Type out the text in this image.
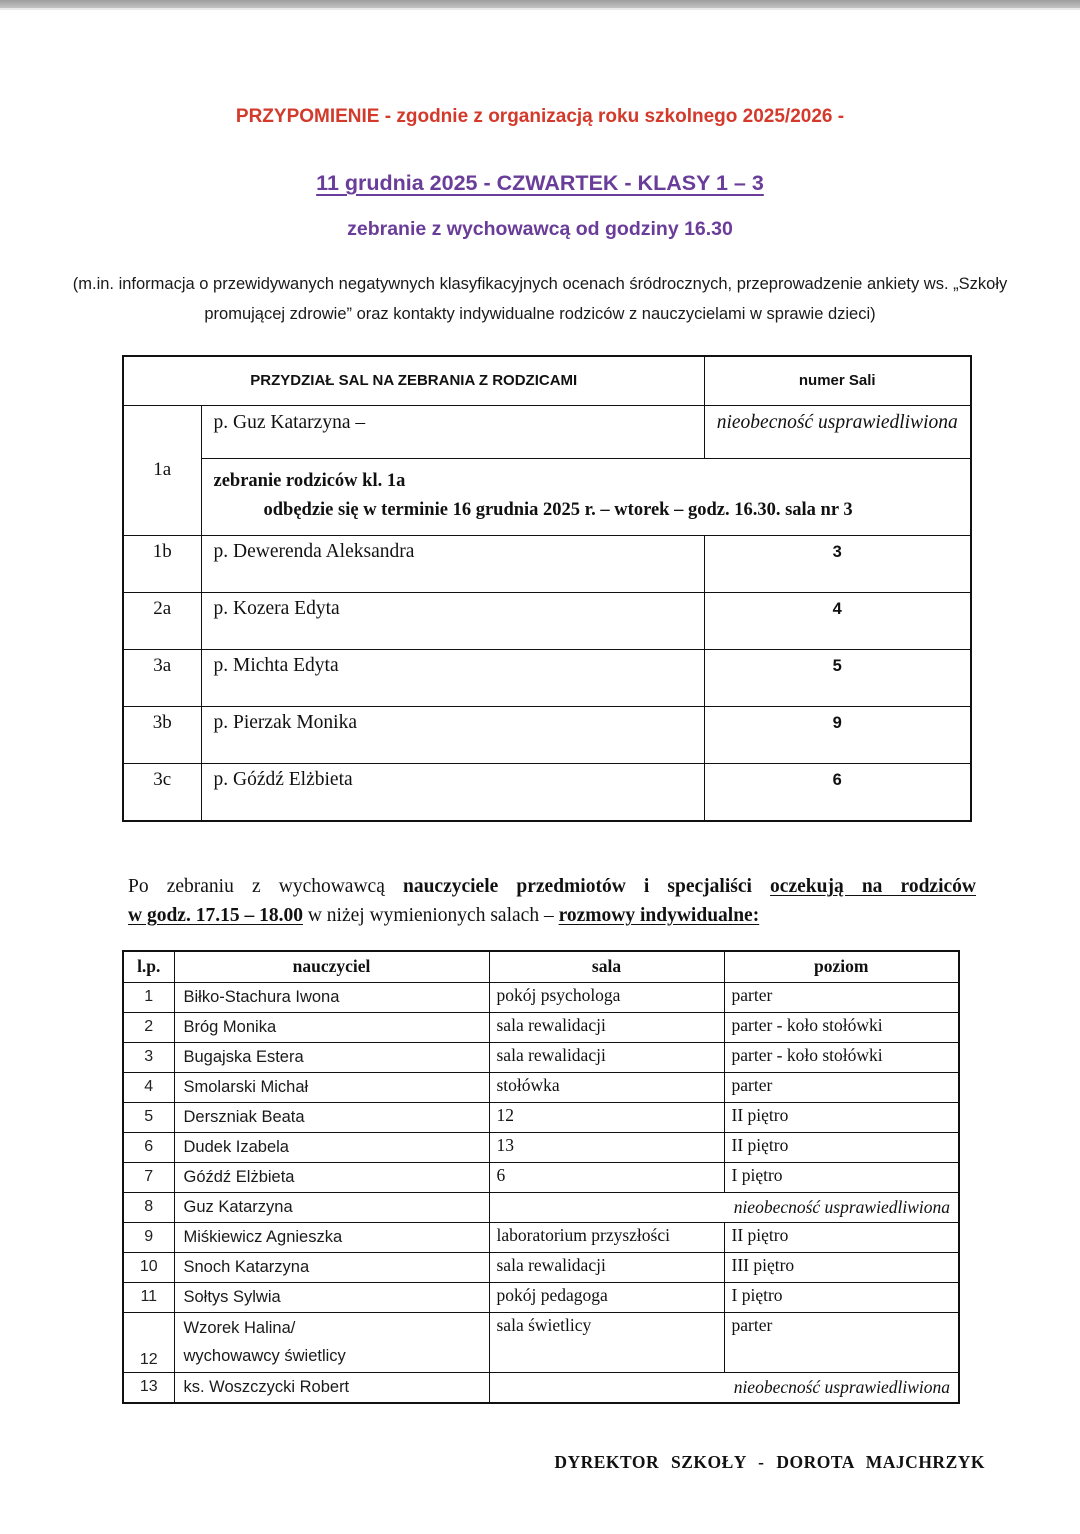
PRZYPOMIENIE - zgodnie z organizacją roku szkolnego 2025/2026 -
11 grudnia 2025 - CZWARTEK - KLASY 1 – 3
zebranie z wychowawcą od godziny 16.30

(m.in. informacja o przewidywanych negatywnych klasyfikacyjnych ocenach śródrocznych, przeprowadzenie ankiety ws. „Szkoły promującej zdrowie” oraz kontakty indywidualne rodziców z nauczycielami w sprawie dzieci)

PRZYDZIAŁ SAL NA ZEBRANIA Z RODZICAMI		numer Sali
1a	p. Guz Katarzyna –	nieobecność usprawiedliwiona

	zebranie rodziców kl. 1a
odbędzie się w terminie 16 grudnia 2025 r. – wtorek – godz. 16.30. sala nr 3	

1b	p. Dewerenda Aleksandra	3
2a	p. Kozera Edyta	4
3a	p. Michta Edyta	5
3b	p. Pierzak Monika	9
3c	p. Góźdź Elżbieta	6

Po zebraniu z wychowawcą nauczyciele przedmiotów i specjaliści oczekują na rodziców
w godz. 17.15 – 18.00 w niżej wymienionych salach – rozmowy indywidualne:

l.p.	nauczyciel	sala	poziom
1	Biłko-Stachura Iwona	pokój psychologa	parter
2	Bróg Monika	sala rewalidacji	parter - koło stołówki
3	Bugajska Estera	sala rewalidacji	parter - koło stołówki
4	Smolarski Michał	stołówka	parter
5	Derszniak Beata	12	II piętro
6	Dudek Izabela	13	II piętro
7	Góźdź Elżbieta	6	I piętro
8	Guz Katarzyna	nieobecność usprawiedliwiona	
9	Miśkiewicz Agnieszka	laboratorium przyszłości	II piętro
10	Snoch Katarzyna	sala rewalidacji	III piętro
11	Sołtys Sylwia	pokój pedagoga	I piętro
12	Wzorek Halina/
wychowawcy świetlicy	sala świetlicy	parter
13	ks. Woszczycki Robert	nieobecność usprawiedliwiona	

DYREKTOR SZKOŁY - DOROTA MAJCHRZYK
